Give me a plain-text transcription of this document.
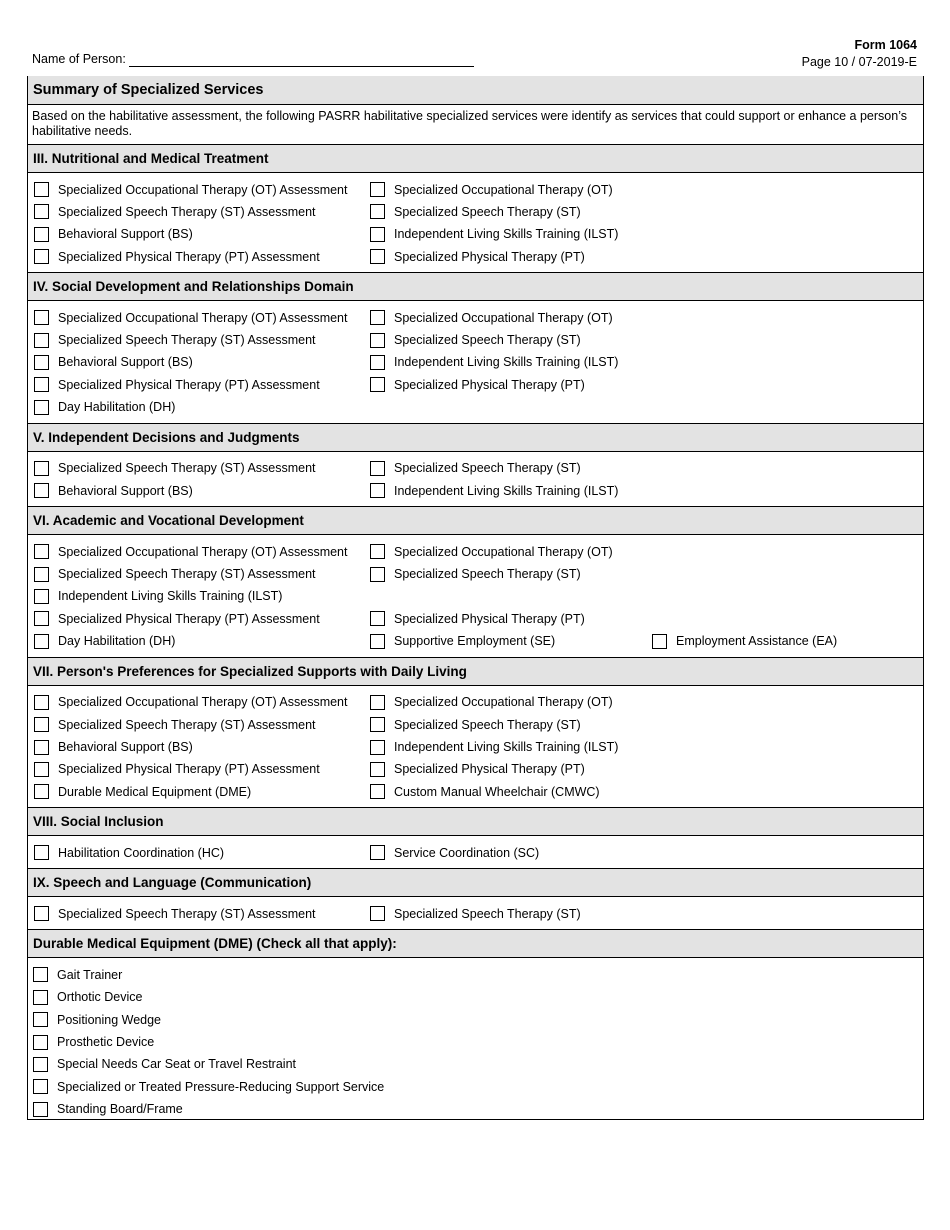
Name of Person:
Form 1064
Page 10 / 07-2019-E
Summary of Specialized Services
Based on the habilitative assessment, the following PASRR habilitative specialized services were identify as services that could support or enhance a person’s habilitative needs.
III. Nutritional and Medical Treatment
Specialized Occupational Therapy (OT) Assessment	Specialized Occupational Therapy (OT)
Specialized Speech Therapy (ST) Assessment	Specialized Speech Therapy (ST)
Behavioral Support (BS)	Independent Living Skills Training (ILST)
Specialized Physical Therapy (PT) Assessment	Specialized Physical Therapy (PT)
IV. Social Development and Relationships Domain
Specialized Occupational Therapy (OT) Assessment	Specialized Occupational Therapy (OT)
Specialized Speech Therapy (ST) Assessment	Specialized Speech Therapy (ST)
Behavioral Support (BS)	Independent Living Skills Training (ILST)
Specialized Physical Therapy (PT) Assessment	Specialized Physical Therapy (PT)
Day Habilitation (DH)
V. Independent Decisions and Judgments
Specialized Speech Therapy (ST) Assessment	Specialized Speech Therapy (ST)
Behavioral Support (BS)	Independent Living Skills Training (ILST)
VI. Academic and Vocational Development
Specialized Occupational Therapy (OT) Assessment	Specialized Occupational Therapy (OT)
Specialized Speech Therapy (ST) Assessment	Specialized Speech Therapy (ST)
Independent Living Skills Training (ILST)
Specialized Physical Therapy (PT) Assessment	Specialized Physical Therapy (PT)
Day Habilitation (DH)	Supportive Employment (SE)	Employment Assistance (EA)
VII. Person's Preferences for Specialized Supports with Daily Living
Specialized Occupational Therapy (OT) Assessment	Specialized Occupational Therapy (OT)
Specialized Speech Therapy (ST) Assessment	Specialized Speech Therapy (ST)
Behavioral Support (BS)	Independent Living Skills Training (ILST)
Specialized Physical Therapy (PT) Assessment	Specialized Physical Therapy (PT)
Durable Medical Equipment (DME)	Custom Manual Wheelchair (CMWC)
VIII. Social Inclusion
Habilitation Coordination (HC)	Service Coordination (SC)
IX. Speech and Language (Communication)
Specialized Speech Therapy (ST) Assessment	Specialized Speech Therapy (ST)
Durable Medical Equipment (DME) (Check all that apply):
Gait Trainer
Orthotic Device
Positioning Wedge
Prosthetic Device
Special Needs Car Seat or Travel Restraint
Specialized or Treated Pressure-Reducing Support Service
Standing Board/Frame
